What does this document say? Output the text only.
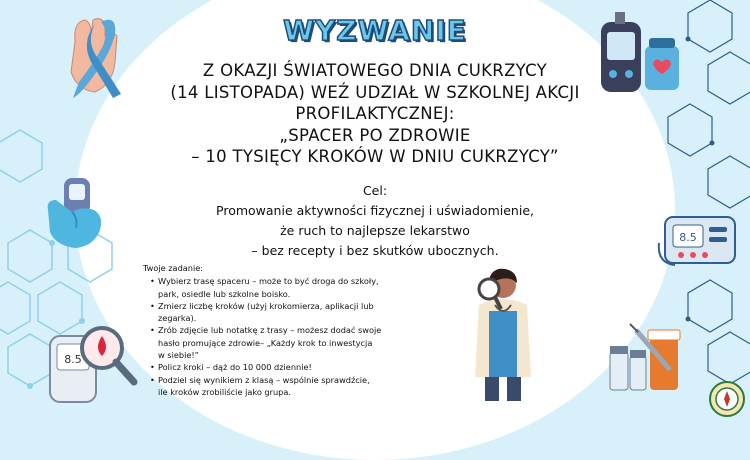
WYZWANIE
Z OKAZJI ŚWIATOWEGO DNIA CUKRZYCY
(14 LISTOPADA) WEŹ UDZIAŁ W SZKOLNEJ AKCJI
PROFILAKTYCZNEJ:
„SPACER PO ZDROWIE
– 10 TYSIĘCY KROKÓW W DNIU CUKRZYCY”
Cel:
Promowanie aktywności fizycznej i uświadomienie,
że ruch to najlepsze lekarstwo
– bez recepty i bez skutków ubocznych.
Twoje zadanie:
• Wybierz trasę spaceru – może to być droga do szkoły,
park, osiedle lub szkolne boisko.
• Zmierz liczbę kroków (użyj krokomierza, aplikacji lub
zegarka).
• Zrób zdjęcie lub notatkę z trasy – możesz dodać swoje
hasło promujące zdrowie– „Każdy krok to inwestycja
w siebie!”
• Policz kroki – dąż do 10 000 dziennie!
• Podziel się wynikiem z klasą – wspólnie sprawdźcie,
ile kroków zrobiliście jako grupa.
8.5
8.5
